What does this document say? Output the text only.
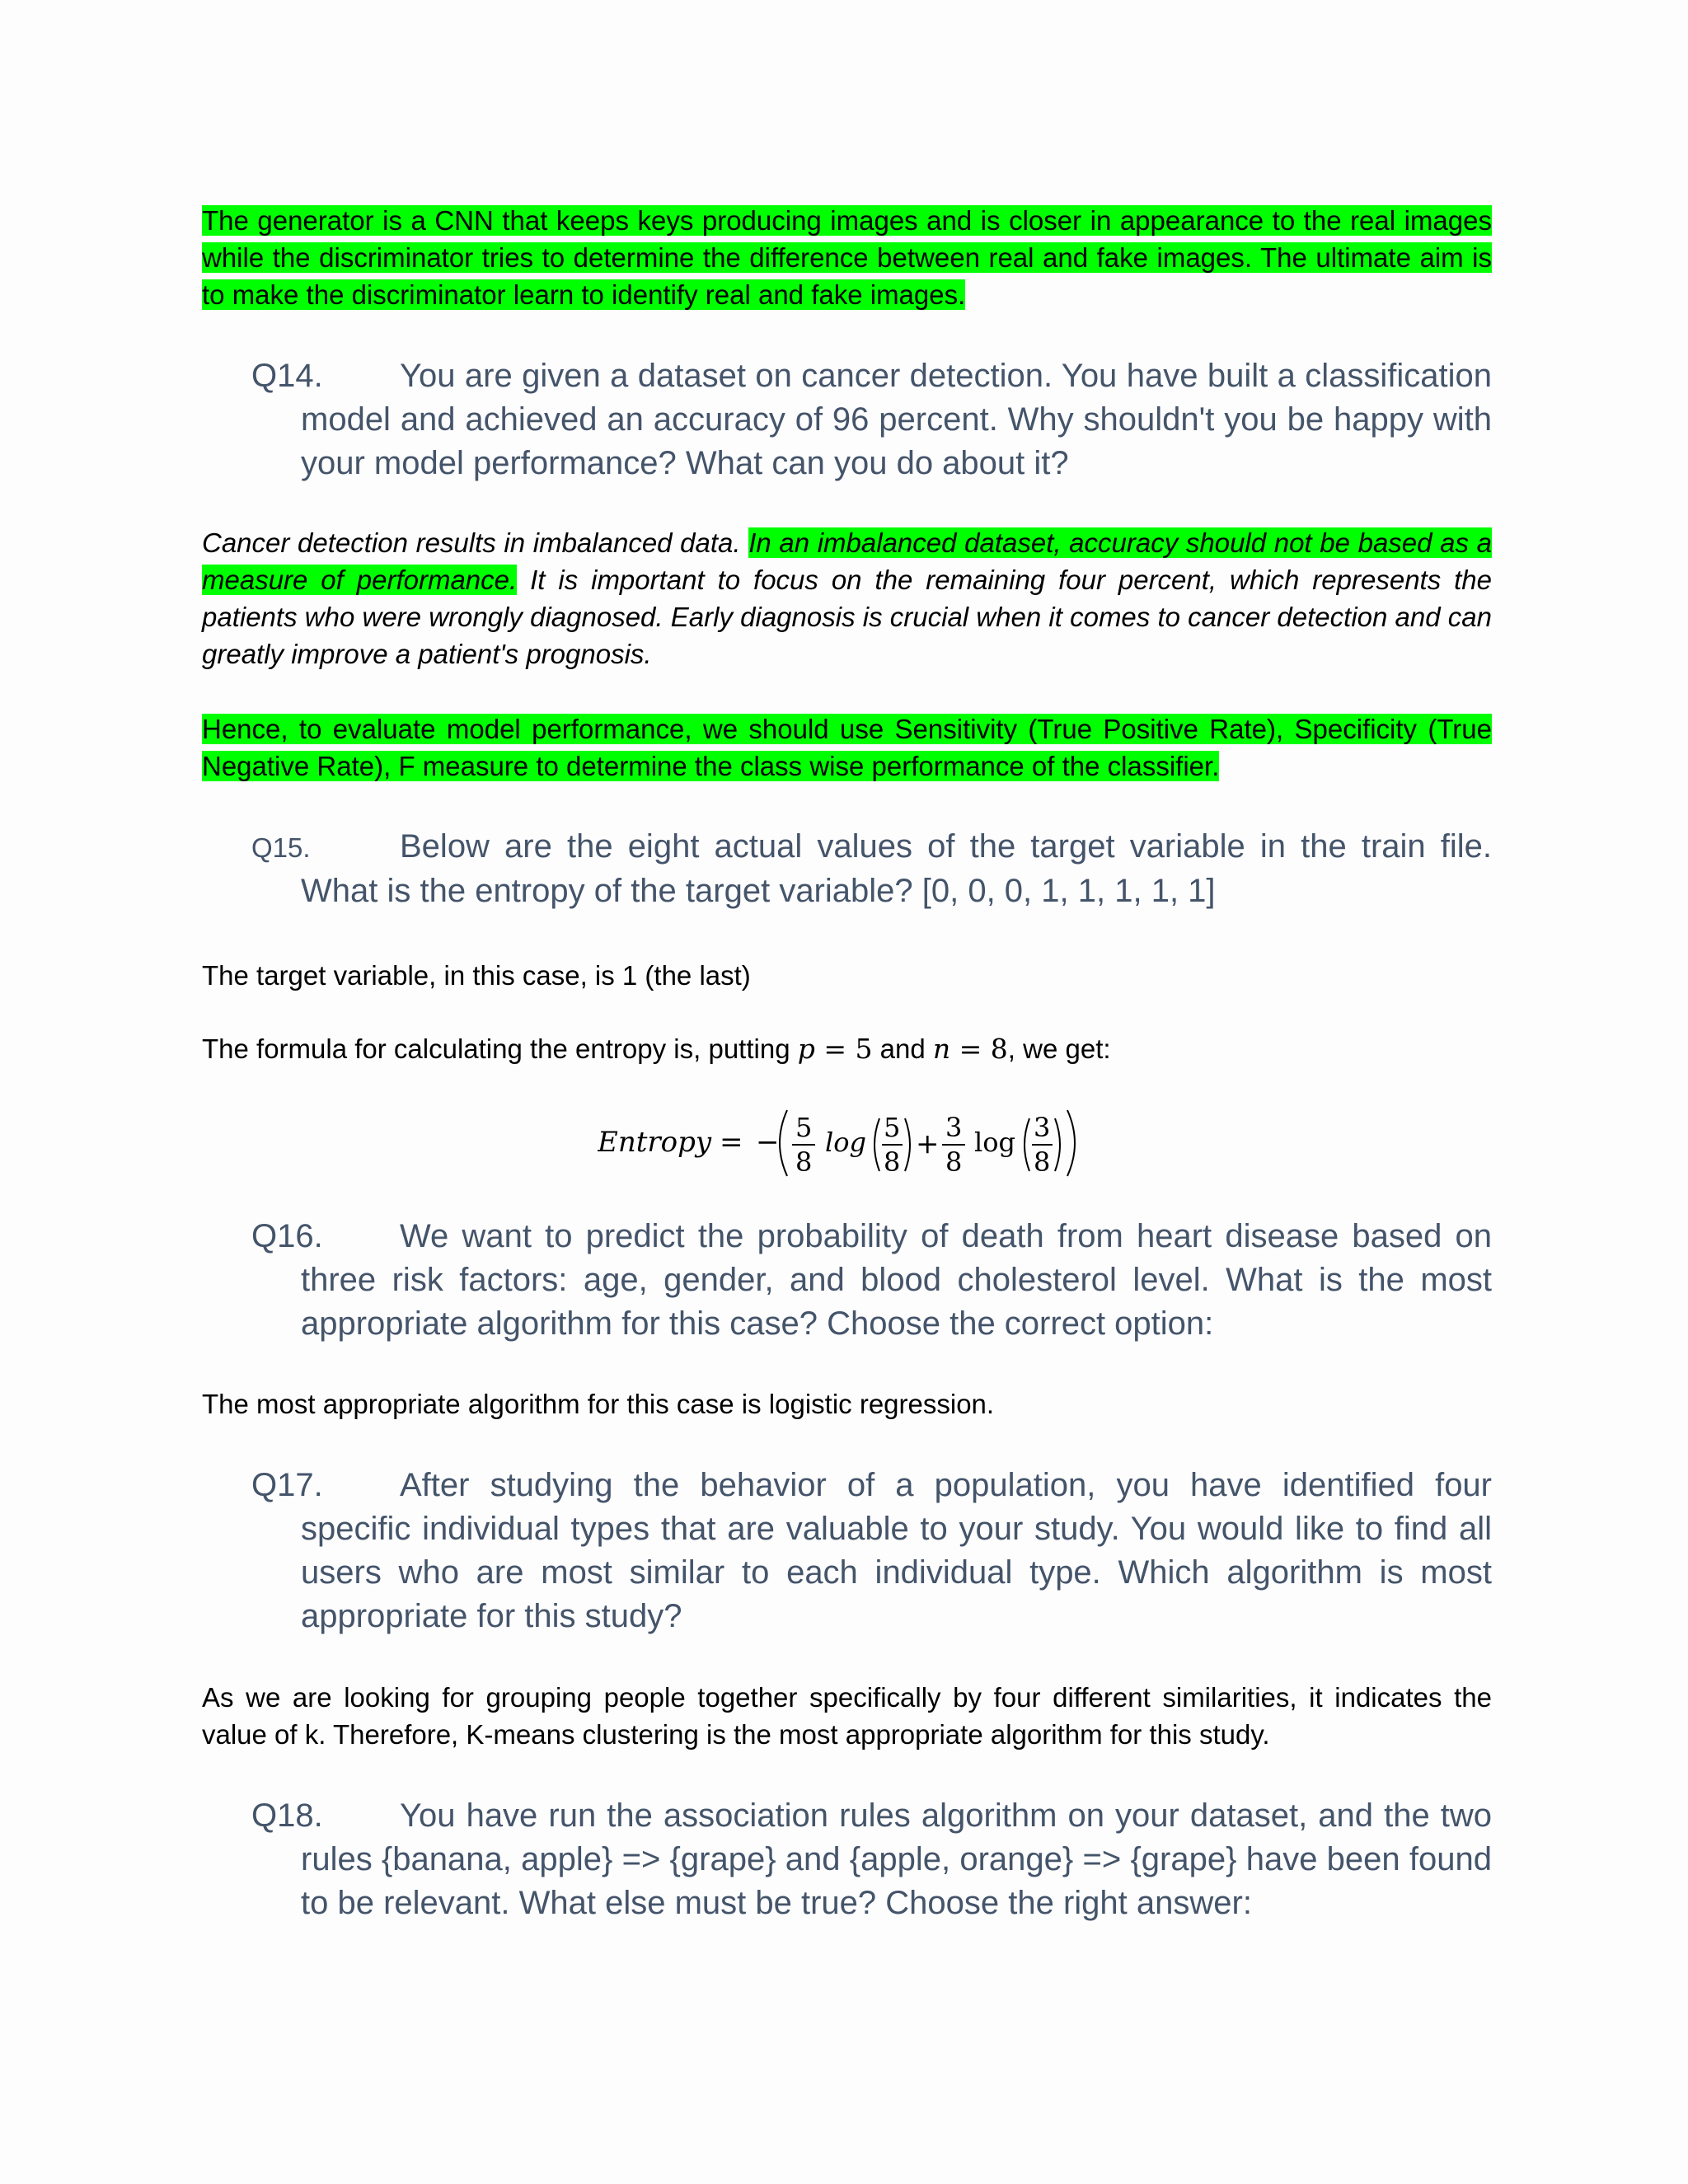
The generator is a CNN that keeps keys producing images and is closer in appearance to the real images while the discriminator tries to determine the difference between real and fake images. The ultimate aim is to make the discriminator learn to identify real and fake images.

Q14. You are given a dataset on cancer detection. You have built a classification model and achieved an accuracy of 96 percent. Why shouldn't you be happy with your model performance? What can you do about it?

Cancer detection results in imbalanced data. In an imbalanced dataset, accuracy should not be based as a measure of performance. It is important to focus on the remaining four percent, which represents the patients who were wrongly diagnosed. Early diagnosis is crucial when it comes to cancer detection and can greatly improve a patient's prognosis.

Hence, to evaluate model performance, we should use Sensitivity (True Positive Rate), Specificity (True Negative Rate), F measure to determine the class wise performance of the classifier.

Q15.	Below are the eight actual values of the target variable in the train file. What is the entropy of the target variable? [0, 0, 0, 1, 1, 1, 1, 1]

The target variable, in this case, is 1 (the last)

The formula for calculating the entropy is, putting p = 5 and n = 8, we get:

Entropy = − 5
8
log 5
8
+ 3
8
log 3
8

Q16. We want to predict the probability of death from heart disease based on three risk factors: age, gender, and blood cholesterol level. What is the most appropriate algorithm for this case? Choose the correct option:

The most appropriate algorithm for this case is logistic regression.

Q17. After studying the behavior of a population, you have identified four specific individual types that are valuable to your study. You would like to find all users who are most similar to each individual type. Which algorithm is most appropriate for this study?

As we are looking for grouping people together specifically by four different similarities, it indicates the value of k. Therefore, K-means clustering is the most appropriate algorithm for this study.

Q18. You have run the association rules algorithm on your dataset, and the two rules {banana, apple} => {grape} and {apple, orange} => {grape} have been found to be relevant. What else must be true? Choose the right answer:
